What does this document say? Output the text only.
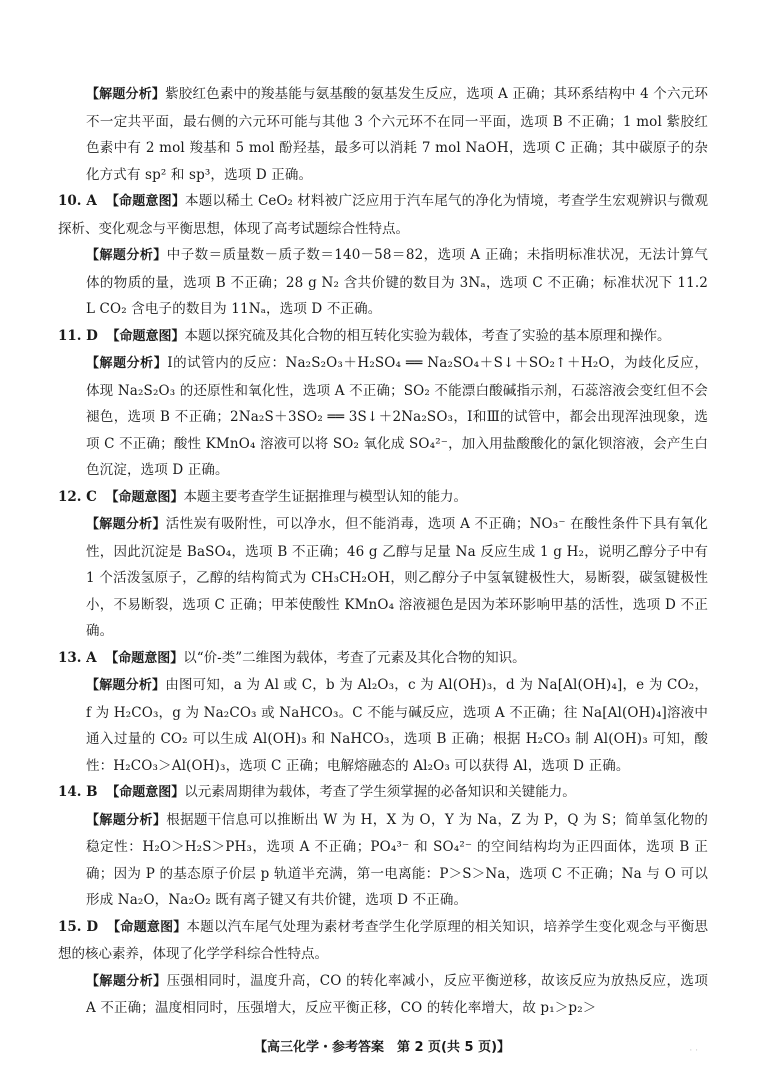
【解题分析】紫胶红色素中的羧基能与氨基酸的氨基发生反应，选项 A 正确；其环系结构中 4 个六元环不一定共平面，最右侧的六元环可能与其他 3 个六元环不在同一平面，选项 B 不正确；1 mol 紫胶红色素中有 2 mol 羧基和 5 mol 酚羟基，最多可以消耗 7 mol NaOH，选项 C 正确；其中碳原子的杂化方式有 sp² 和 sp³，选项 D 正确。

10. A 【命题意图】本题以稀土 CeO₂ 材料被广泛应用于汽车尾气的净化为情境，考查学生宏观辨识与微观探析、变化观念与平衡思想，体现了高考试题综合性特点。

【解题分析】中子数＝质量数－质子数＝140－58＝82，选项 A 正确；未指明标准状况，无法计算气体的物质的量，选项 B 不正确；28 g N₂ 含共价键的数目为 3Nₐ，选项 C 不正确；标准状况下 11.2 L CO₂ 含电子的数目为 11Nₐ，选项 D 不正确。

11. D 【命题意图】本题以探究硫及其化合物的相互转化实验为载体，考查了实验的基本原理和操作。

【解题分析】Ⅰ的试管内的反应：Na₂S₂O₃＋H₂SO₄ ══ Na₂SO₄＋S↓＋SO₂↑＋H₂O，为歧化反应，体现 Na₂S₂O₃ 的还原性和氧化性，选项 A 不正确；SO₂ 不能漂白酸碱指示剂，石蕊溶液会变红但不会褪色，选项 B 不正确；2Na₂S＋3SO₂ ══ 3S↓＋2Na₂SO₃，Ⅰ和Ⅲ的试管中，都会出现浑浊现象，选项 C 不正确；酸性 KMnO₄ 溶液可以将 SO₂ 氧化成 SO₄²⁻，加入用盐酸酸化的氯化钡溶液，会产生白色沉淀，选项 D 正确。

12. C 【命题意图】本题主要考查学生证据推理与模型认知的能力。

【解题分析】活性炭有吸附性，可以净水，但不能消毒，选项 A 不正确；NO₃⁻ 在酸性条件下具有氧化性，因此沉淀是 BaSO₄，选项 B 不正确；46 g 乙醇与足量 Na 反应生成 1 g H₂，说明乙醇分子中有 1 个活泼氢原子，乙醇的结构简式为 CH₃CH₂OH，则乙醇分子中氢氧键极性大，易断裂，碳氢键极性小，不易断裂，选项 C 正确；甲苯使酸性 KMnO₄ 溶液褪色是因为苯环影响甲基的活性，选项 D 不正确。

13. A 【命题意图】以“价-类”二维图为载体，考查了元素及其化合物的知识。

【解题分析】由图可知，a 为 Al 或 C，b 为 Al₂O₃，c 为 Al(OH)₃，d 为 Na[Al(OH)₄]，e 为 CO₂，f 为 H₂CO₃，g 为 Na₂CO₃ 或 NaHCO₃。C 不能与碱反应，选项 A 不正确；往 Na[Al(OH)₄]溶液中通入过量的 CO₂ 可以生成 Al(OH)₃ 和 NaHCO₃，选项 B 正确；根据 H₂CO₃ 制 Al(OH)₃ 可知，酸性：H₂CO₃＞Al(OH)₃，选项 C 正确；电解熔融态的 Al₂O₃ 可以获得 Al，选项 D 正确。

14. B 【命题意图】以元素周期律为载体，考查了学生须掌握的必备知识和关键能力。

【解题分析】根据题干信息可以推断出 W 为 H，X 为 O，Y 为 Na，Z 为 P，Q 为 S；简单氢化物的稳定性：H₂O＞H₂S＞PH₃，选项 A 不正确；PO₄³⁻ 和 SO₄²⁻ 的空间结构均为正四面体，选项 B 正确；因为 P 的基态原子价层 p 轨道半充满，第一电离能：P＞S＞Na，选项 C 不正确；Na 与 O 可以形成 Na₂O，Na₂O₂ 既有离子键又有共价键，选项 D 不正确。

15. D 【命题意图】本题以汽车尾气处理为素材考查学生化学原理的相关知识，培养学生变化观念与平衡思想的核心素养，体现了化学学科综合性特点。

【解题分析】压强相同时，温度升高，CO 的转化率减小，反应平衡逆移，故该反应为放热反应，选项 A 不正确；温度相同时，压强增大，反应平衡正移，CO 的转化率增大，故 p₁＞p₂＞

【高三化学・参考答案　第 2 页(共 5 页)】	· ·
